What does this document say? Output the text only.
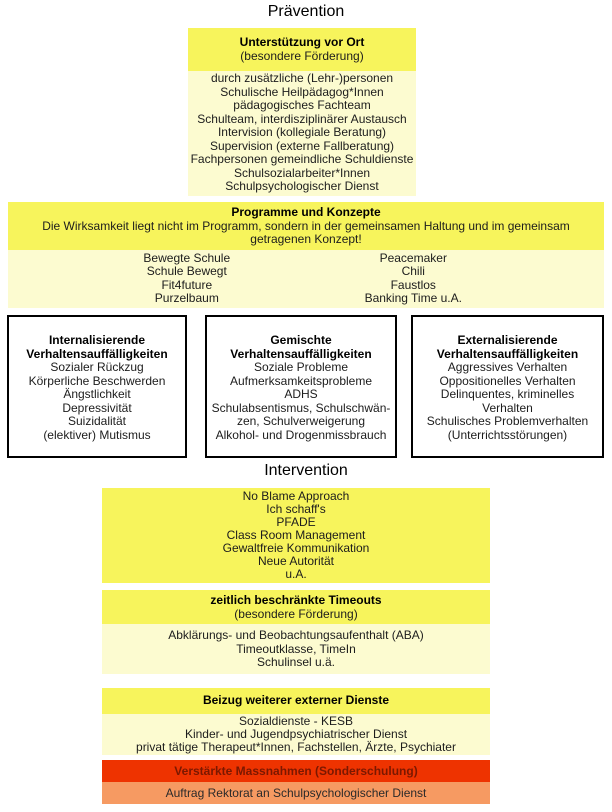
Prävention
Unterstützung vor Ort
(besondere Förderung)
durch zusätzliche (Lehr-)personen
Schulische Heilpädagog*Innen
pädagogisches Fachteam
Schulteam, interdisziplinärer Austausch
Intervision (kollegiale Beratung)
Supervision (externe Fallberatung)
Fachpersonen gemeindliche Schuldienste
Schulsozialarbeiter*Innen
Schulpsychologischer Dienst
Programme und Konzepte
Die Wirksamkeit liegt nicht im Programm, sondern in der gemeinsamen Haltung und im gemeinsam getragenen Konzept!
Bewegte Schule
Schule Bewegt
Fit4future
Purzelbaum
Peacemaker
Chili
Faustlos
Banking Time u.A.
Internalisierende Verhaltensauffälligkeiten
Sozialer Rückzug
Körperliche Beschwerden
Ängstlichkeit
Depressivität
Suizidalität
(elektiver) Mutismus
Gemischte Verhaltensauffälligkeiten
Soziale Probleme
Aufmerksamkeitsprobleme
ADHS
Schulabsentismus, Schulschwän-
zen, Schulverweigerung
Alkohol- und Drogenmissbrauch
Externalisierende Verhaltensauffälligkeiten
Aggressives Verhalten
Oppositionelles Verhalten
Delinquentes, kriminelles
Verhalten
Schulisches Problemverhalten
(Unterrichtsstörungen)
Intervention
No Blame Approach
Ich schaff's
PFADE
Class Room Management
Gewaltfreie Kommunikation
Neue Autorität
u.A.
zeitlich beschränkte Timeouts
(besondere Förderung)
Abklärungs- und Beobachtungsaufenthalt (ABA)
Timeoutklasse, TimeIn
Schulinsel u.ä.
Beizug weiterer externer Dienste
Sozialdienste - KESB
Kinder- und Jugendpsychiatrischer Dienst
privat tätige Therapeut*Innen, Fachstellen, Ärzte, Psychiater
Verstärkte Massnahmen (Sonderschulung)
Auftrag Rektorat an Schulpsychologischer Dienst
